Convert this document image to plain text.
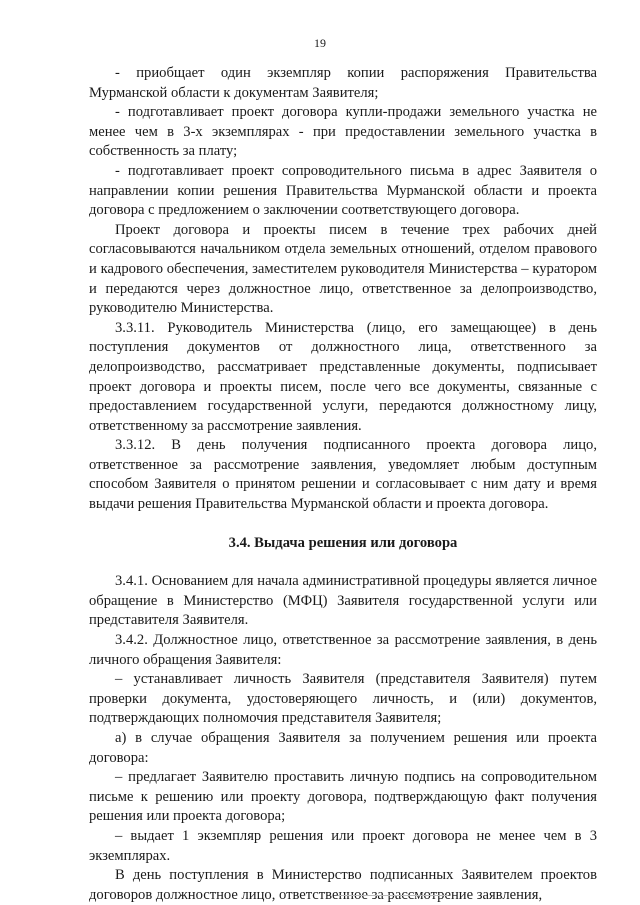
19

- приобщает один экземпляр копии распоряжения Правительства Мурманской области к документам Заявителя;

- подготавливает проект договора купли-продажи земельного участка не менее чем в 3-х экземплярах - при предоставлении земельного участка в собственность за плату;

- подготавливает проект сопроводительного письма в адрес Заявителя о направлении копии решения Правительства Мурманской области и проекта договора с предложением о заключении соответствующего договора.

Проект договора и проекты писем в течение трех рабочих дней согласовываются начальником отдела земельных отношений, отделом правового и кадрового обеспечения, заместителем руководителя Министерства – куратором и передаются через должностное лицо, ответственное за делопроизводство, руководителю Министерства.

3.3.11. Руководитель Министерства (лицо, его замещающее) в день поступления документов от должностного лица, ответственного за делопроизводство, рассматривает представленные документы, подписывает проект договора и проекты писем, после чего все документы, связанные с предоставлением государственной услуги, передаются должностному лицу, ответственному за рассмотрение заявления.

3.3.12. В день получения подписанного проекта договора лицо, ответственное за рассмотрение заявления, уведомляет любым доступным способом Заявителя о принятом решении и согласовывает с ним дату и время выдачи решения Правительства Мурманской области и проекта договора.

3.4. Выдача решения или договора

3.4.1. Основанием для начала административной процедуры является личное обращение в Министерство (МФЦ) Заявителя государственной услуги или представителя Заявителя.

3.4.2. Должностное лицо, ответственное за рассмотрение заявления, в день личного обращения Заявителя:

– устанавливает личность Заявителя (представителя Заявителя) путем проверки документа, удостоверяющего личность, и (или) документов, подтверждающих полномочия представителя Заявителя;

а) в случае обращения Заявителя за получением решения или проекта договора:

– предлагает Заявителю проставить личную подпись на сопроводительном письме к решению или проекту договора, подтверждающую факт получения решения или проекта договора;

– выдает 1 экземпляр решения или проект договора не менее чем в 3 экземплярах.

В день поступления в Министерство подписанных Заявителем проектов договоров должностное лицо, ответственное за рассмотрение заявления,
